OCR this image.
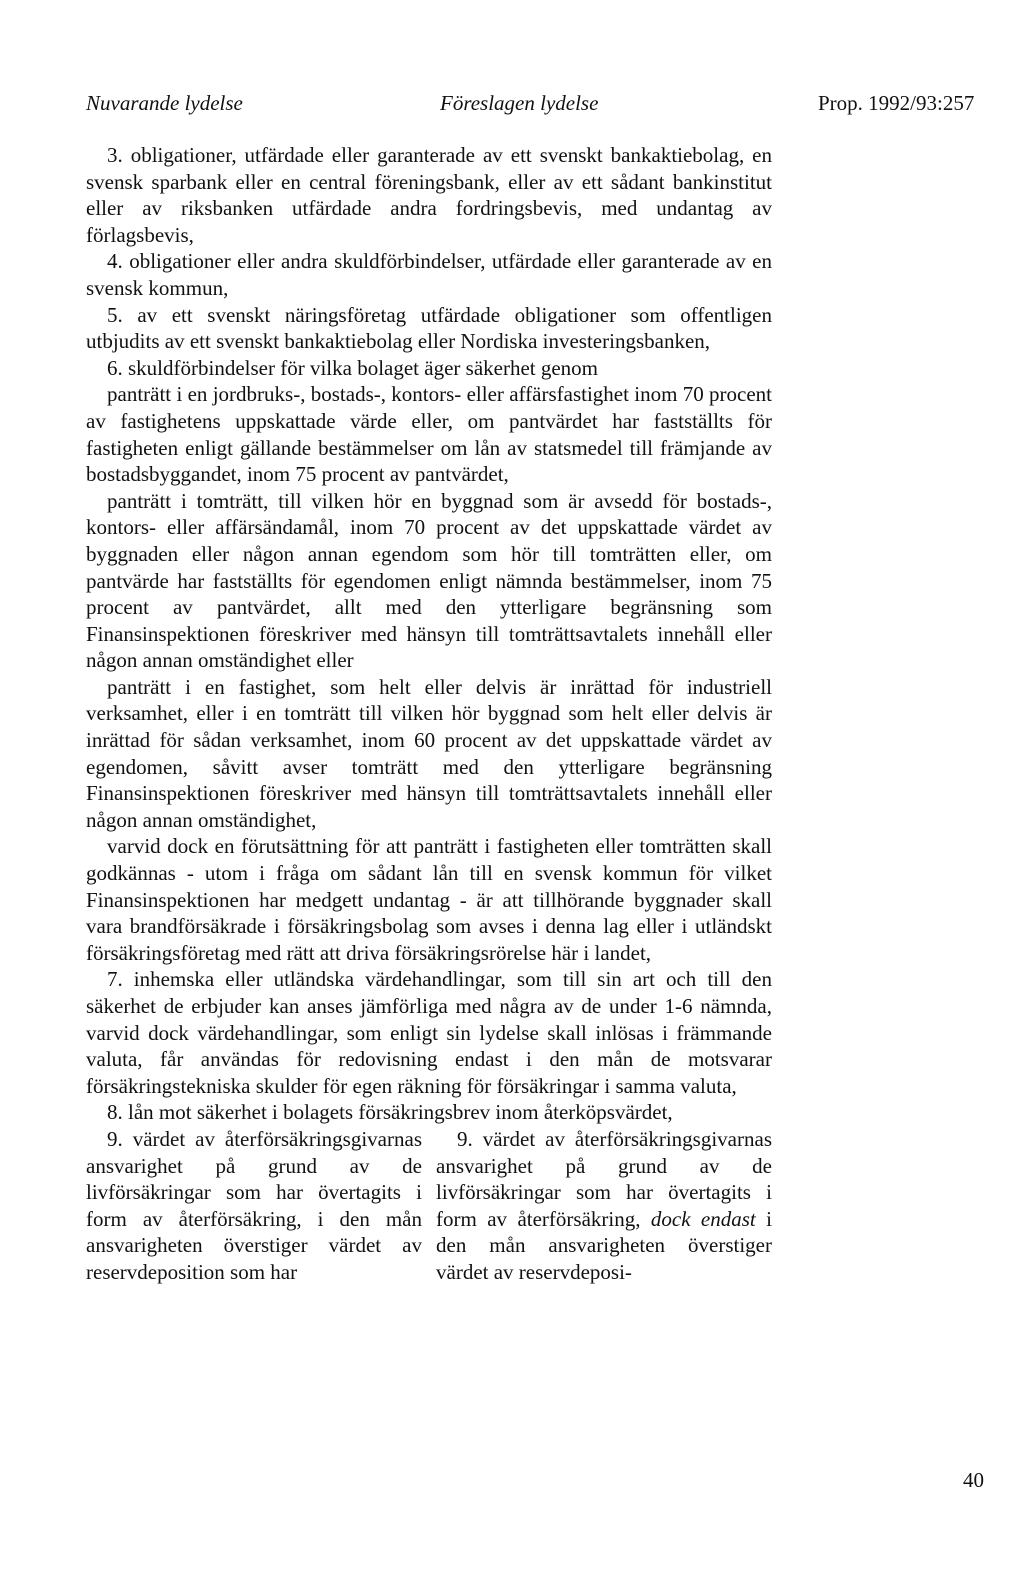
Nuvarande lydelse	Föreslagen lydelse	Prop. 1992/93:257

3. obligationer, utfärdade eller garanterade av ett svenskt bankaktiebolag, en svensk sparbank eller en central föreningsbank, eller av ett sådant bankinstitut eller av riksbanken utfärdade andra fordringsbevis, med undantag av förlagsbevis,

4. obligationer eller andra skuldförbindelser, utfärdade eller garanterade av en svensk kommun,

5. av ett svenskt näringsföretag utfärdade obligationer som offentligen utbjudits av ett svenskt bankaktiebolag eller Nordiska investeringsbanken,

6. skuldförbindelser för vilka bolaget äger säkerhet genom

panträtt i en jordbruks-, bostads-, kontors- eller affärsfastighet inom 70 procent av fastighetens uppskattade värde eller, om pantvärdet har fastställts för fastigheten enligt gällande bestämmelser om lån av statsmedel till främjande av bostadsbyggandet, inom 75 procent av pantvärdet,

panträtt i tomträtt, till vilken hör en byggnad som är avsedd för bostads-, kontors- eller affärsändamål, inom 70 procent av det uppskattade värdet av byggnaden eller någon annan egendom som hör till tomträtten eller, om pantvärde har fastställts för egendomen enligt nämnda bestämmelser, inom 75 procent av pantvärdet, allt med den ytterligare begränsning som Finansinspektionen föreskriver med hänsyn till tomträttsavtalets innehåll eller någon annan omständighet eller

panträtt i en fastighet, som helt eller delvis är inrättad för industriell verksamhet, eller i en tomträtt till vilken hör byggnad som helt eller delvis är inrättad för sådan verksamhet, inom 60 procent av det uppskattade värdet av egendomen, såvitt avser tomträtt med den ytterligare begränsning Finansinspektionen föreskriver med hänsyn till tomträttsavtalets innehåll eller någon annan omständighet,

varvid dock en förutsättning för att panträtt i fastigheten eller tomträtten skall godkännas - utom i fråga om sådant lån till en svensk kommun för vilket Finansinspektionen har medgett undantag - är att tillhörande byggnader skall vara brandförsäkrade i försäkringsbolag som avses i denna lag eller i utländskt försäkringsföretag med rätt att driva försäkringsrörelse här i landet,

7. inhemska eller utländska värdehandlingar, som till sin art och till den säkerhet de erbjuder kan anses jämförliga med några av de under 1-6 nämnda, varvid dock värdehandlingar, som enligt sin lydelse skall inlösas i främmande valuta, får användas för redovisning endast i den mån de motsvarar försäkringstekniska skulder för egen räkning för försäkringar i samma valuta,

8. lån mot säkerhet i bolagets försäkringsbrev inom återköpsvärdet,

9. värdet av återförsäkringsgivarnas ansvarighet på grund av de livförsäkringar som har övertagits i form av återförsäkring, i den mån ansvarigheten överstiger värdet av reservdeposition som har

9. värdet av återförsäkringsgivarnas ansvarighet på grund av de livförsäkringar som har övertagits i form av återförsäkring, dock endast i den mån ansvarigheten överstiger värdet av reservdeposi-

40
